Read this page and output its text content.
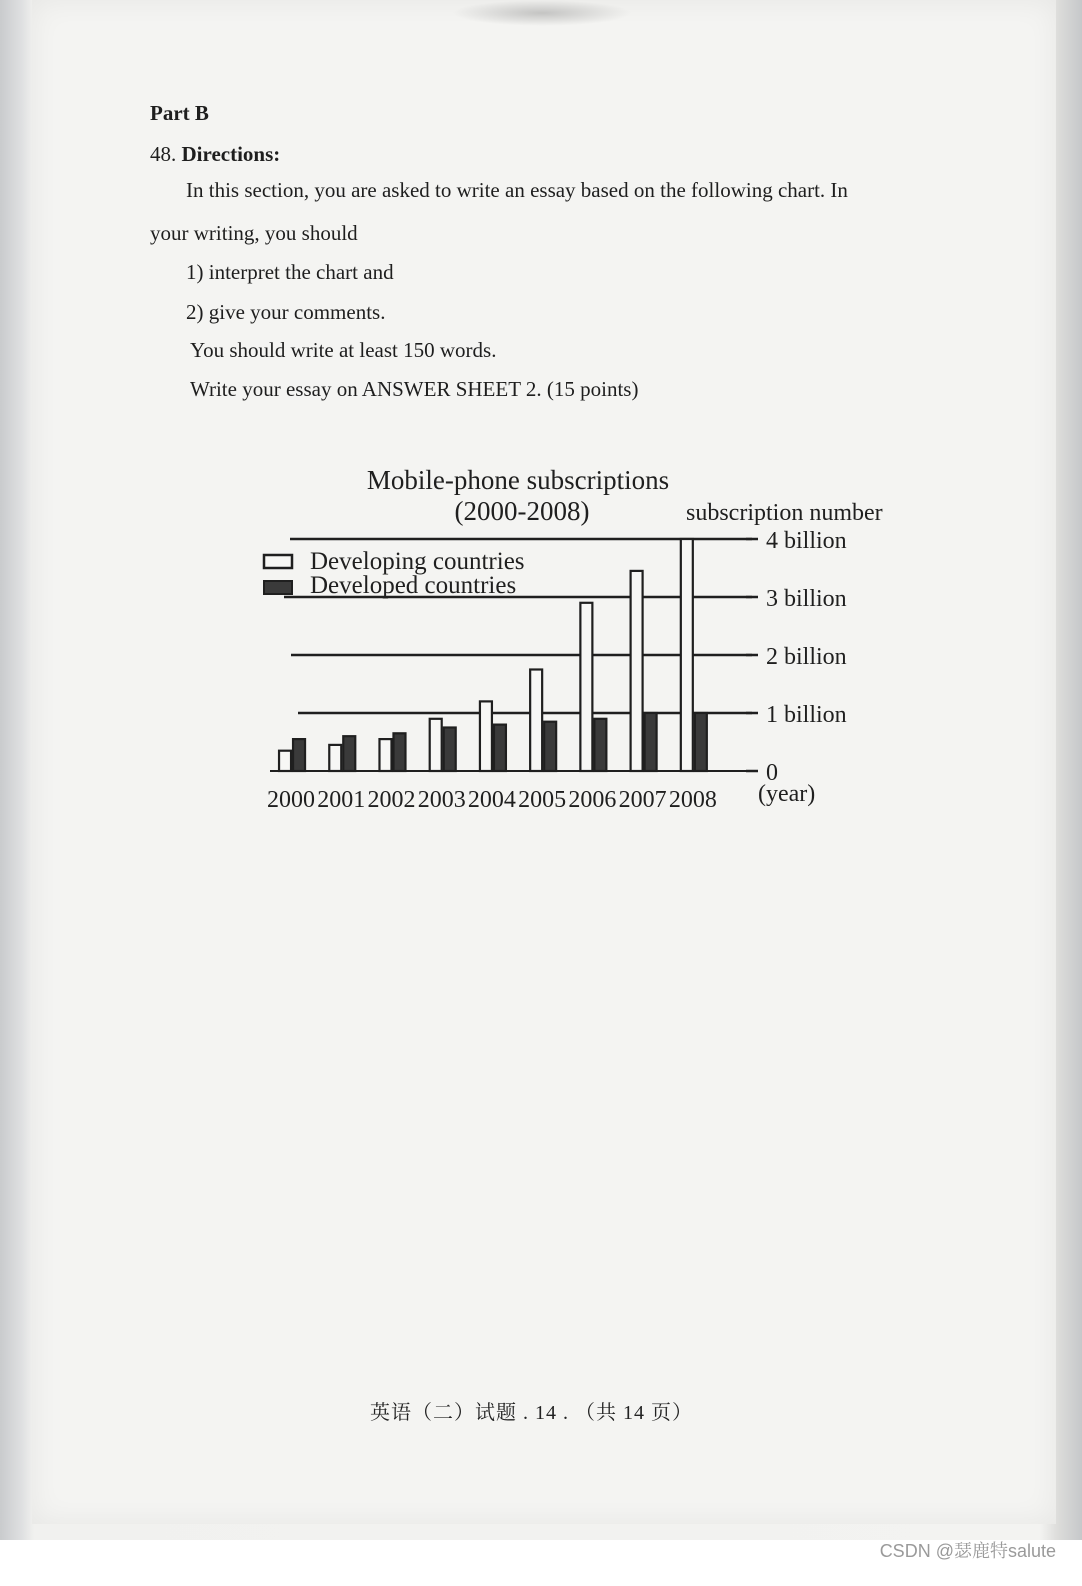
Part B
48. Directions:
In this section, you are asked to write an essay based on the following chart. In
your writing, you should
1) interpret the chart and
2) give your comments.
You should write at least 150 words.
Write your essay on ANSWER SHEET 2. (15 points)
Mobile-phone subscriptions
(2000-2008)	subscription number
0
1 billion
2 billion
3 billion
4 billion
2000 2001 2002 2003 2004 2005 2006 2007 2008 (year)
Developing countries
Developed countries
英语（二）试题 . 14 . （共 14 页）
CSDN @瑟鹿特salute
